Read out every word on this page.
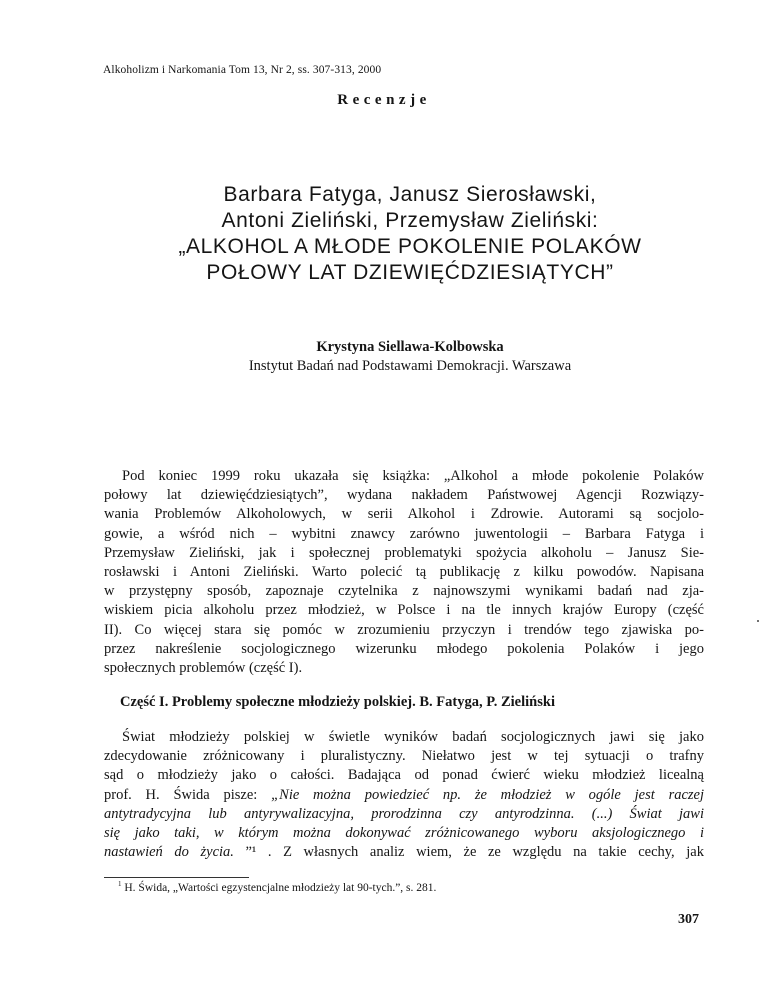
Alkoholizm i Narkomania Tom 13, Nr 2, ss. 307-313, 2000
Recenzje
Barbara Fatyga, Janusz Sierosławski,
Antoni Zieliński, Przemysław Zieliński:
„ALKOHOL A MŁODE POKOLENIE POLAKÓW
POŁOWY LAT DZIEWIĘĆDZIESIĄTYCH”
Krystyna Siellawa-Kolbowska
Instytut Badań nad Podstawami Demokracji. Warszawa
Pod koniec 1999 roku ukazała się książka: „Alkohol a młode pokolenie Polaków
połowy lat dziewięćdziesiątych”, wydana nakładem Państwowej Agencji Rozwiązy-
wania Problemów Alkoholowych, w serii Alkohol i Zdrowie. Autorami są socjolo-
gowie, a wśród nich – wybitni znawcy zarówno juwentologii – Barbara Fatyga i
Przemysław Zieliński, jak i społecznej problematyki spożycia alkoholu – Janusz Sie-
rosławski i Antoni Zieliński. Warto polecić tą publikację z kilku powodów. Napisana
w przystępny sposób, zapoznaje czytelnika z najnowszymi wynikami badań nad zja-
wiskiem picia alkoholu przez młodzież, w Polsce i na tle innych krajów Europy (część
II). Co więcej stara się pomóc w zrozumieniu przyczyn i trendów tego zjawiska po-
przez nakreślenie socjologicznego wizerunku młodego pokolenia Polaków i jego
społecznych problemów (część I).
Część I. Problemy społeczne młodzieży polskiej. B. Fatyga, P. Zieliński
Świat młodzieży polskiej w świetle wyników badań socjologicznych jawi się jako
zdecydowanie zróżnicowany i pluralistyczny. Niełatwo jest w tej sytuacji o trafny
sąd o młodzieży jako o całości. Badająca od ponad ćwierć wieku młodzież licealną
prof. H. Świda pisze: „Nie można powiedzieć np. że młodzież w ogóle jest raczej
antytradycyjna lub antyrywalizacyjna, prorodzinna czy antyrodzinna. (...) Świat jawi
się jako taki, w którym można dokonywać zróżnicowanego wyboru aksjologicznego i
nastawień do życia. ”¹ . Z własnych analiz wiem, że ze względu na takie cechy, jak
$^1$ H. Świda, „Wartości egzystencjalne młodzieży lat 90-tych.”, s. 281.
307
